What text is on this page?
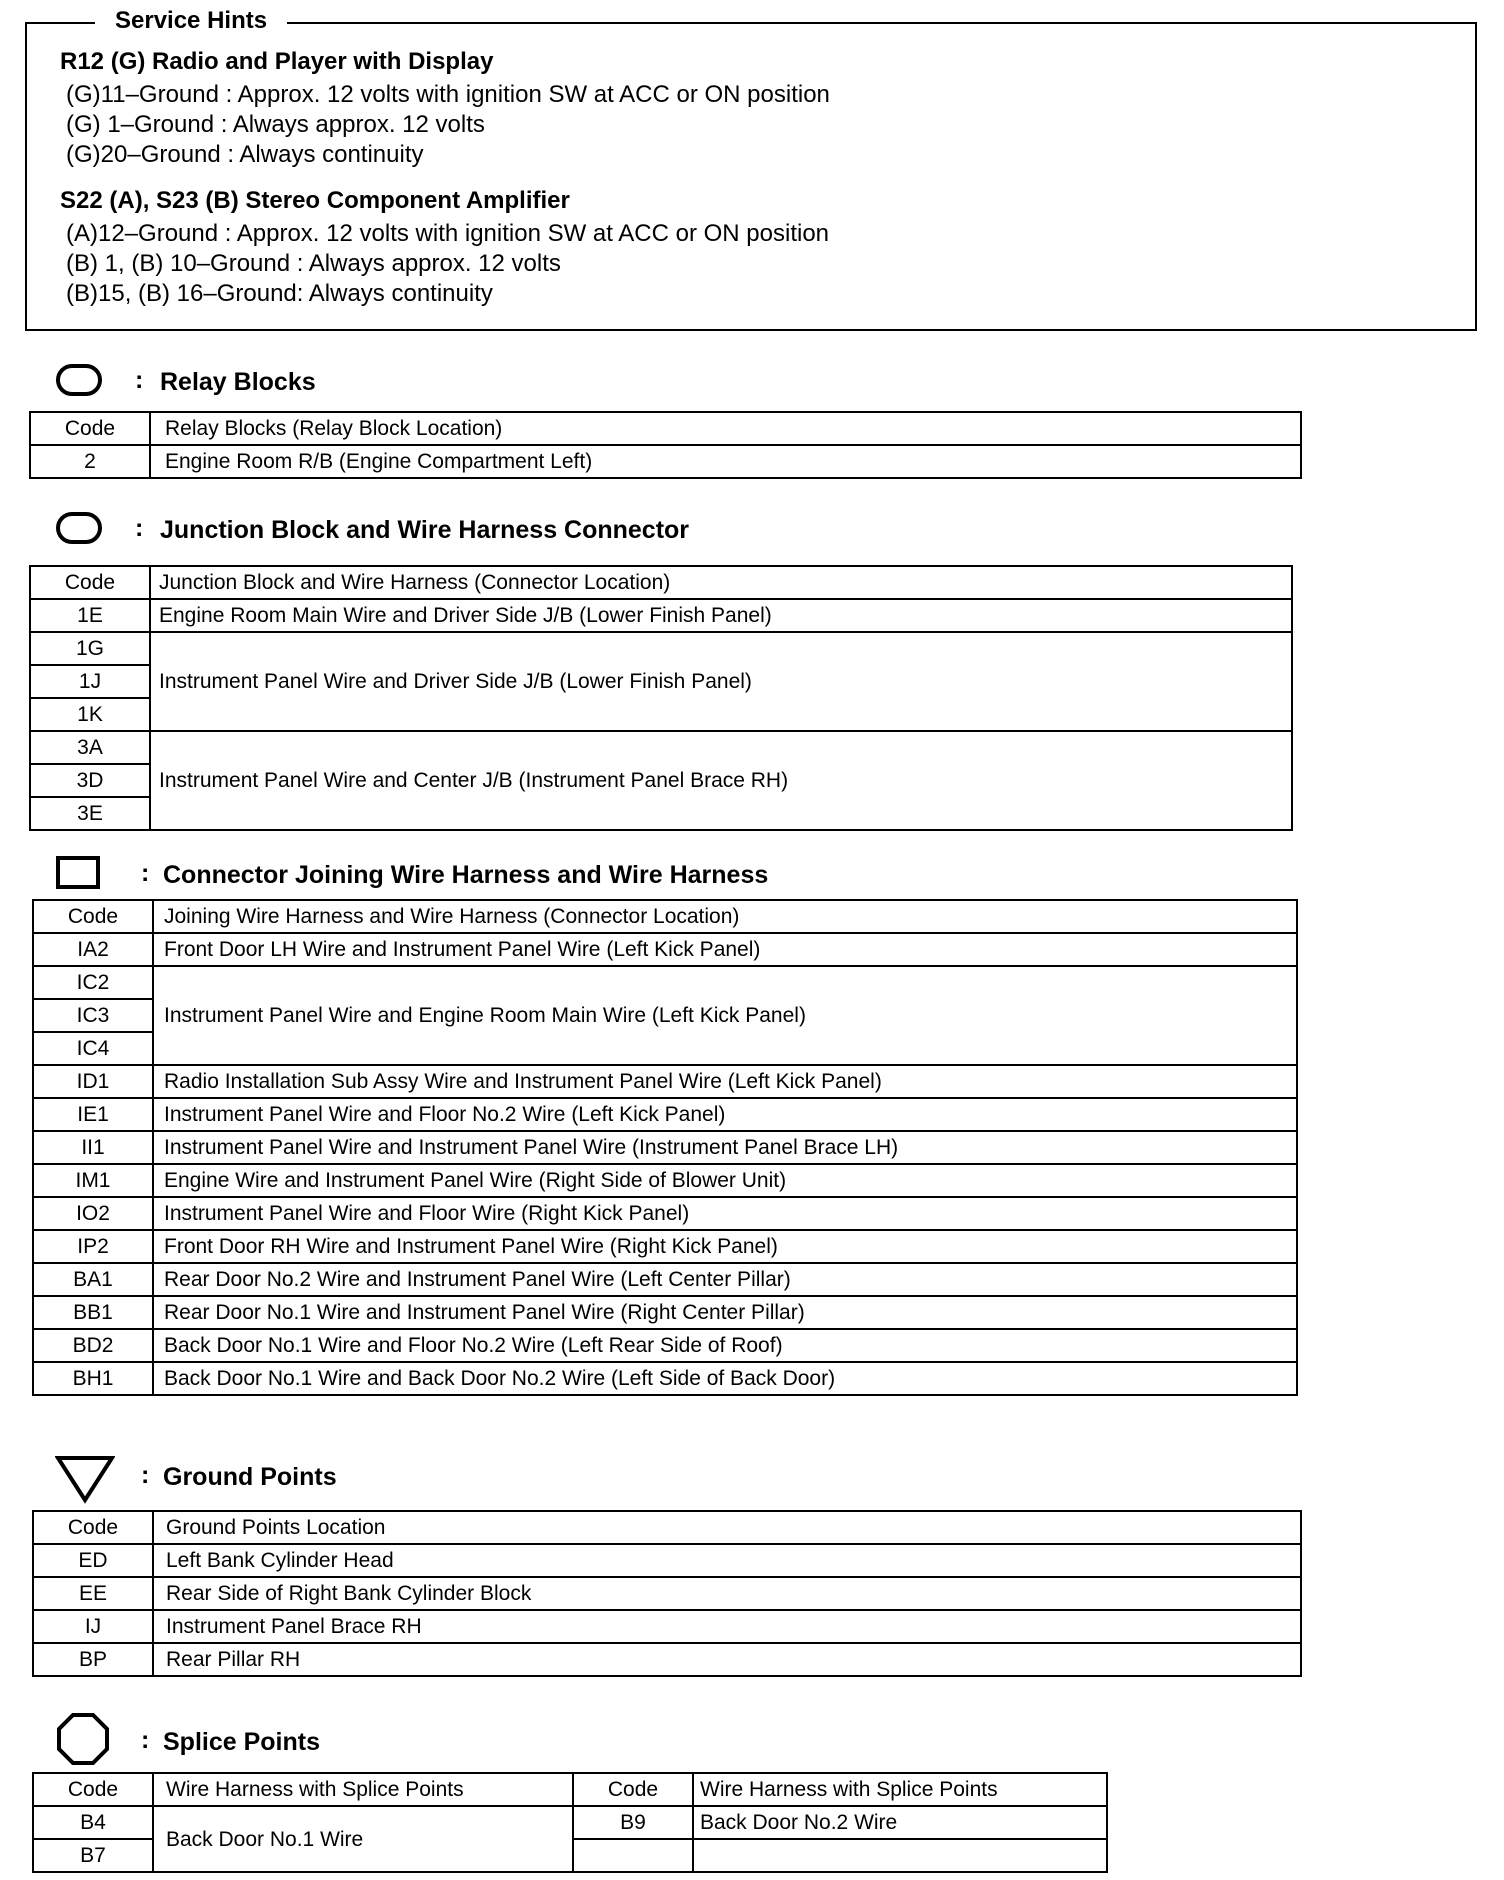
R12 (G) Radio and Player with Display
(G)11–Ground : Approx. 12 volts with ignition SW at ACC or ON position
(G) 1–Ground : Always approx. 12 volts
(G)20–Ground : Always continuity
S22 (A), S23 (B) Stereo Component Amplifier
(A)12–Ground : Approx. 12 volts with ignition SW at ACC or ON position
(B) 1, (B) 10–Ground : Always approx. 12 volts
(B)15, (B) 16–Ground: Always continuity
Service Hints
: Relay Blocks
Code	Relay Blocks (Relay Block Location)
2	Engine Room R/B (Engine Compartment Left)
: Junction Block and Wire Harness Connector
Code	Junction Block and Wire Harness (Connector Location)
1E	Engine Room Main Wire and Driver Side J/B (Lower Finish Panel)
1G	Instrument Panel Wire and Driver Side J/B (Lower Finish Panel)
1J	
1K	
3A	Instrument Panel Wire and Center J/B (Instrument Panel Brace RH)
3D	
3E	
: Connector Joining Wire Harness and Wire Harness
Code	Joining Wire Harness and Wire Harness (Connector Location)
IA2	Front Door LH Wire and Instrument Panel Wire (Left Kick Panel)
IC2	Instrument Panel Wire and Engine Room Main Wire (Left Kick Panel)
IC3	
IC4	
ID1	Radio Installation Sub Assy Wire and Instrument Panel Wire (Left Kick Panel)
IE1	Instrument Panel Wire and Floor No.2 Wire (Left Kick Panel)
II1	Instrument Panel Wire and Instrument Panel Wire (Instrument Panel Brace LH)
IM1	Engine Wire and Instrument Panel Wire (Right Side of Blower Unit)
IO2	Instrument Panel Wire and Floor Wire (Right Kick Panel)
IP2	Front Door RH Wire and Instrument Panel Wire (Right Kick Panel)
BA1	Rear Door No.2 Wire and Instrument Panel Wire (Left Center Pillar)
BB1	Rear Door No.1 Wire and Instrument Panel Wire (Right Center Pillar)
BD2	Back Door No.1 Wire and Floor No.2 Wire (Left Rear Side of Roof)
BH1	Back Door No.1 Wire and Back Door No.2 Wire (Left Side of Back Door)
: Ground Points
Code	Ground Points Location
ED	Left Bank Cylinder Head
EE	Rear Side of Right Bank Cylinder Block
IJ	Instrument Panel Brace RH
BP	Rear Pillar RH
: Splice Points
Code	Wire Harness with Splice Points	Code	Wire Harness with Splice Points
B4	Back Door No.1 Wire	B9	Back Door No.2 Wire
B7			
